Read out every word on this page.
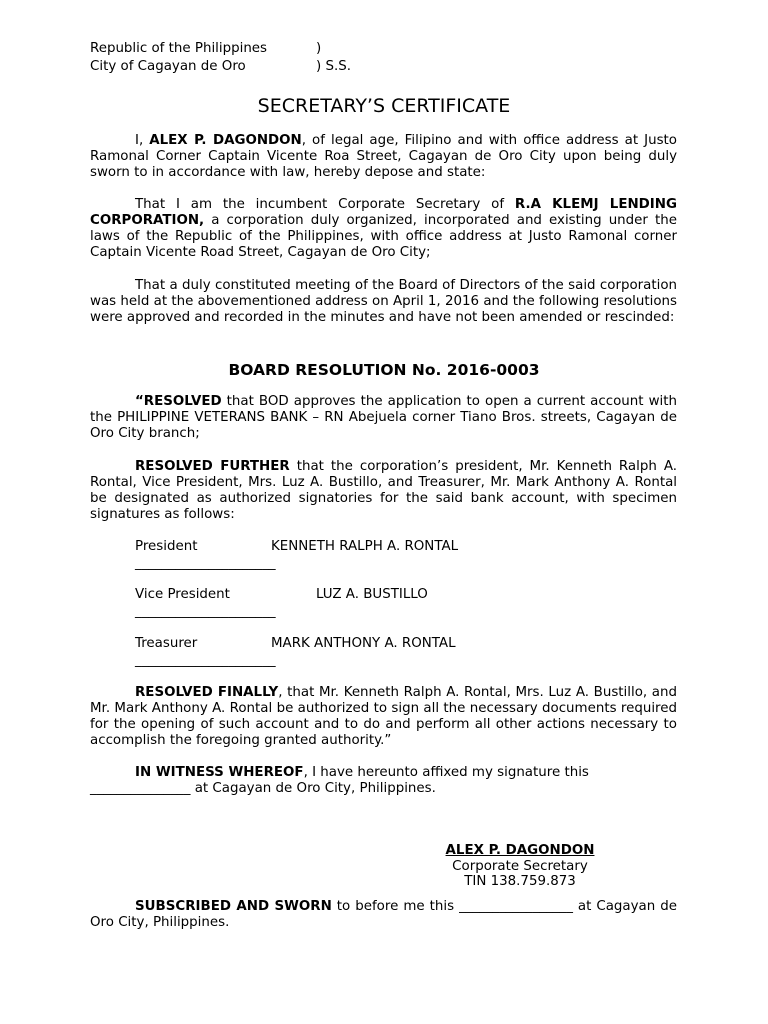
Republic of the Philippines	)
City of Cagayan de Oro	) S.S.
SECRETARY’S CERTIFICATE

I, ALEX P. DAGONDON, of legal age, Filipino and with office address at Justo Ramonal Corner Captain Vicente Roa Street, Cagayan de Oro City upon being duly sworn to in accordance with law, hereby depose and state:

That I am the incumbent Corporate Secretary of R.A KLEMJ LENDING CORPORATION, a corporation duly organized, incorporated and existing under the laws of the Republic of the Philippines, with office address at Justo Ramonal corner Captain Vicente Road Street, Cagayan de Oro City;

That a duly constituted meeting of the Board of Directors of the said corporation was held at the abovementioned address on April 1, 2016 and the following resolutions were approved and recorded in the minutes and have not been amended or rescinded:

BOARD RESOLUTION No. 2016-0003

“RESOLVED that BOD approves the application to open a current account with the PHILIPPINE VETERANS BANK – RN Abejuela corner Tiano Bros. streets, Cagayan de Oro City branch;

RESOLVED FURTHER that the corporation’s president, Mr. Kenneth Ralph A. Rontal, Vice President, Mrs. Luz A. Bustillo, and Treasurer, Mr. Mark Anthony A. Rontal be designated as authorized signatories for the said bank account, with specimen signatures as follows:

President	KENNETH RALPH A. RONTAL
_____________________
Vice President	LUZ A. BUSTILLO
_____________________
Treasurer	MARK ANTHONY A. RONTAL
_____________________

RESOLVED FINALLY, that Mr. Kenneth Ralph A. Rontal, Mrs. Luz A. Bustillo, and Mr. Mark Anthony A. Rontal be authorized to sign all the necessary documents required for the opening of such account and to do and perform all other actions necessary to accomplish the foregoing granted authority.”

IN WITNESS WHEREOF, I have hereunto affixed my signature this
_______________ at Cagayan de Oro City, Philippines.

ALEX P. DAGONDON
Corporate Secretary
TIN 138.759.873

SUBSCRIBED AND SWORN to before me this _________________ at Cagayan de Oro City, Philippines.
